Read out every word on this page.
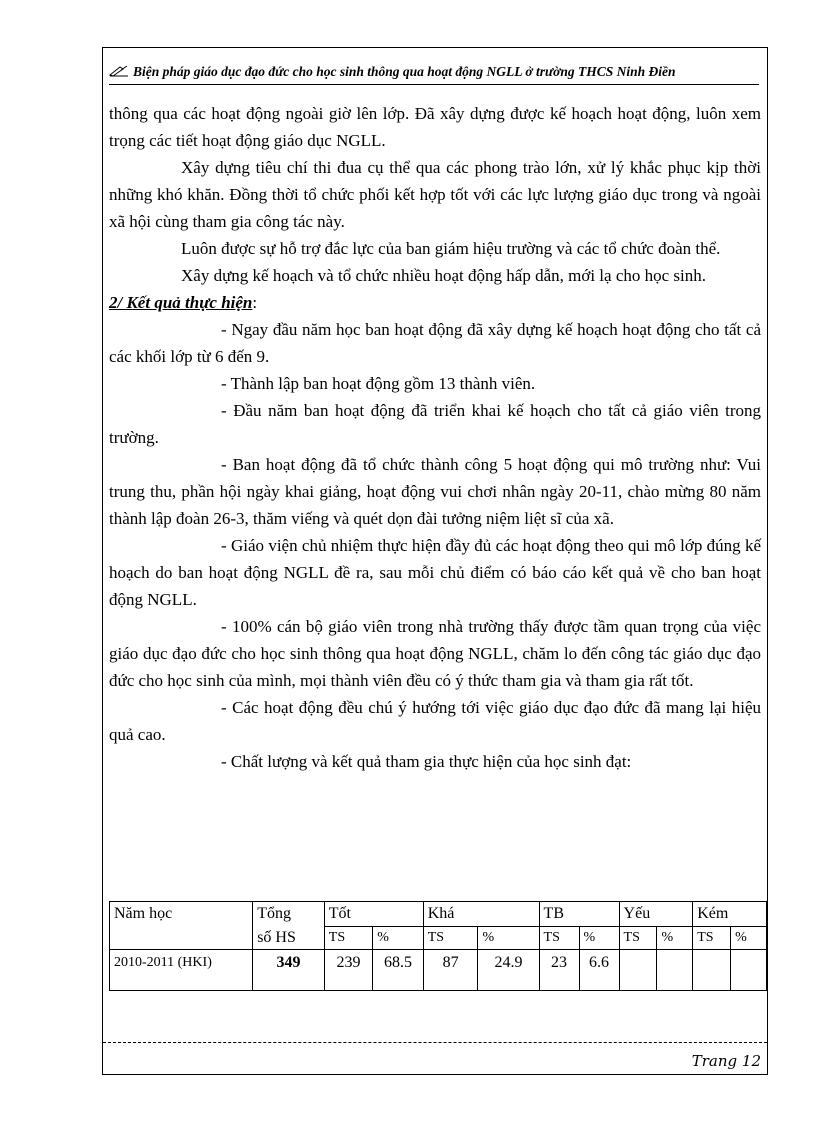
Biện pháp giáo dục đạo đức cho học sinh thông qua hoạt động NGLL ở trường THCS Ninh Điền

thông qua các hoạt động ngoài giờ lên lớp. Đã xây dựng được kế hoạch hoạt động, luôn xem trọng các tiết hoạt động giáo dục NGLL.

Xây dựng tiêu chí thi đua cụ thể qua các phong trào lớn, xử lý khắc phục kịp thời những khó khăn. Đồng thời tổ chức phối kết hợp tốt với các lực lượng giáo dục trong và ngoài xã hội cùng tham gia công tác này.

Luôn được sự hỗ trợ đắc lực của ban giám hiệu trường và các tổ chức đoàn thể.

Xây dựng kế hoạch và tổ chức nhiều hoạt động hấp dẫn, mới lạ cho học sinh.

2/ Kết quả thực hiện:

- Ngay đầu năm học ban hoạt động đã xây dựng kế hoạch hoạt động cho tất cả các khối lớp từ 6 đến 9.

- Thành lập ban hoạt động gồm 13 thành viên.

- Đầu năm ban hoạt động đã triển khai kế hoạch cho tất cả giáo viên trong trường.

- Ban hoạt động đã tổ chức thành công 5 hoạt động qui mô trường như: Vui trung thu, phần hội ngày khai giảng, hoạt động vui chơi nhân ngày 20-11, chào mừng 80 năm thành lập đoàn 26-3, thăm viếng và quét dọn đài tưởng niệm liệt sĩ của xã.

- Giáo viện chủ nhiệm thực hiện đầy đủ các hoạt động theo qui mô lớp đúng kế hoạch do ban hoạt động NGLL đề ra, sau mỗi chủ điểm có báo cáo kết quả về cho ban hoạt động NGLL.

- 100% cán bộ giáo viên trong nhà trường thấy được tầm quan trọng của việc giáo dục đạo đức cho học sinh thông qua hoạt động NGLL, chăm lo đến công tác giáo dục đạo đức cho học sinh của mình, mọi thành viên đều có ý thức tham gia và tham gia rất tốt.

- Các hoạt động đều chú ý hướng tới việc giáo dục đạo đức đã mang lại hiệu quả cao.

- Chất lượng và kết quả tham gia thực hiện của học sinh đạt:

Năm học	Tổng	Tốt		Khá		TB		Yếu		Kém	
	số HS	TS	%	TS	%	TS	%	TS	%	TS	%
2010-2011 (HKI)	349	239	68.5	87	24.9	23	6.6				
Trang 12
